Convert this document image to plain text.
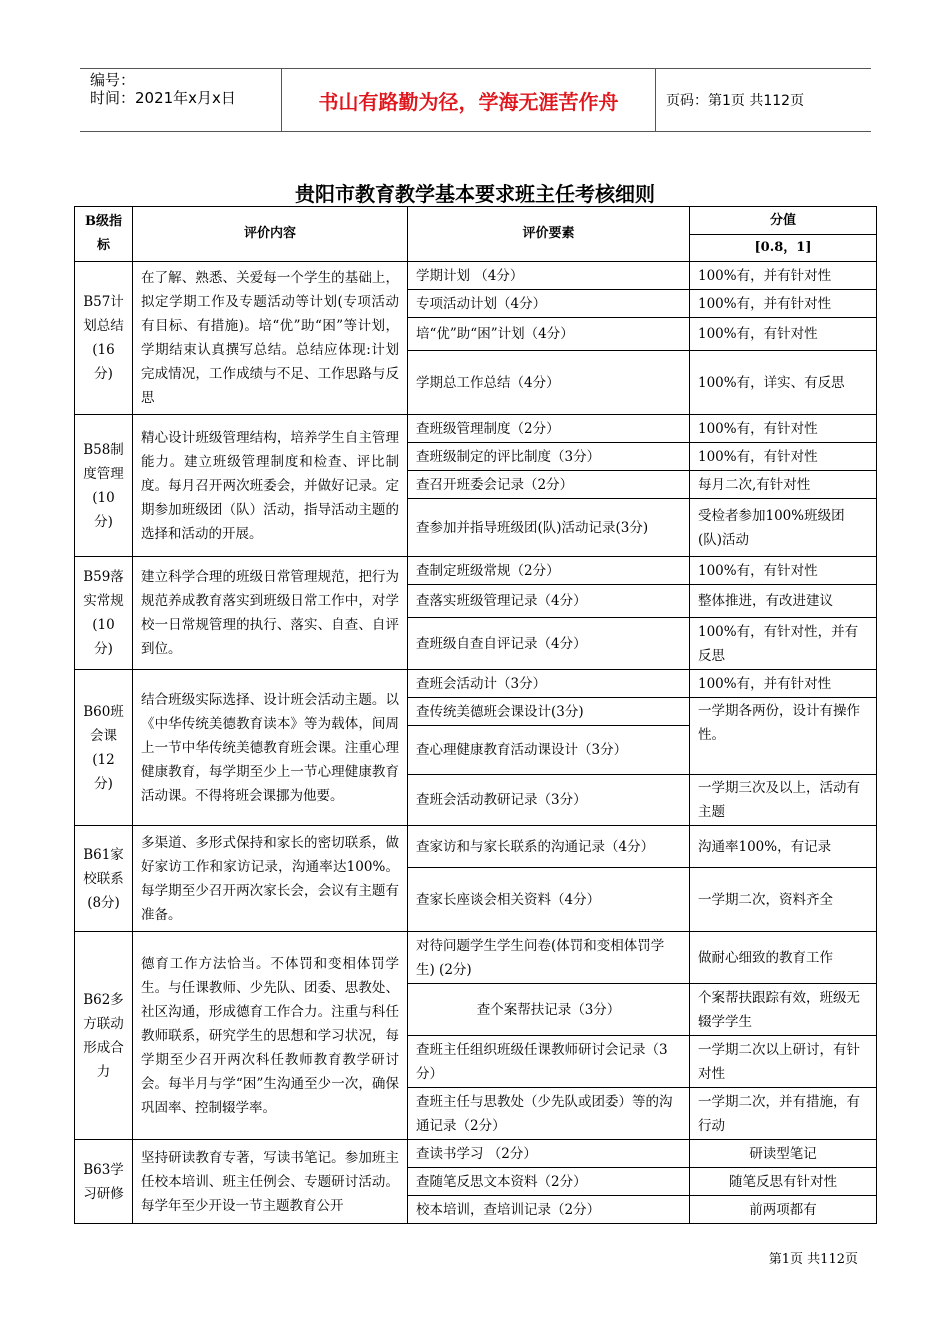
编号：
时间：2021年x月x日	书山有路勤为径，学海无涯苦作舟	页码：第1页 共112页
贵阳市教育教学基本要求班主任考核细则
B级指标	评价内容	评价要素	分值
			[0.8，1]
B57计划总结(16分)	在了解、熟悉、关爱每一个学生的基础上，拟定学期工作及专题活动等计划(专项活动有目标、有措施)。培“优”助“困”等计划，学期结束认真撰写总结。总结应体现:计划完成情况，工作成绩与不足、工作思路与反思	学期计划 （4分）	100%有，并有针对性
		专项活动计划（4分）	100%有，并有针对性
		培“优”助“困”计划（4分）	100%有，有针对性
		学期总工作总结（4分）	100%有，详实、有反思
B58制度管理(10分)	精心设计班级管理结构，培养学生自主管理能力。建立班级管理制度和检查、评比制度。每月召开两次班委会，并做好记录。定期参加班级团（队）活动，指导活动主题的选择和活动的开展。	查班级管理制度（2分）	100%有，有针对性
		查班级制定的评比制度（3分）	100%有，有针对性
		查召开班委会记录（2分）	每月二次,有针对性
		查参加并指导班级团(队)活动记录(3分)	受检者参加100%班级团(队)活动
B59落实常规(10分)	建立科学合理的班级日常管理规范，把行为规范养成教育落实到班级日常工作中，对学校一日常规管理的执行、落实、自查、自评到位。	查制定班级常规（2分）	100%有，有针对性
		查落实班级管理记录（4分）	整体推进，有改进建议
		查班级自查自评记录（4分）	100%有，有针对性，并有反思
B60班会课(12分)	结合班级实际选择、设计班会活动主题。以《中华传统美德教育读本》等为载体，间周上一节中华传统美德教育班会课。注重心理健康教育，每学期至少上一节心理健康教育活动课。不得将班会课挪为他要。	查班会活动计（3分）	100%有，并有针对性
		查传统美德班会课设计(3分)	一学期各两份，设计有操作性。
		查心理健康教育活动课设计（3分）	
		查班会活动教研记录（3分）	一学期三次及以上，活动有主题
B61家校联系(8分)	多渠道、多形式保持和家长的密切联系，做好家访工作和家访记录，沟通率达100%。每学期至少召开两次家长会，会议有主题有准备。	查家访和与家长联系的沟通记录（4分）	沟通率100%，有记录
		查家长座谈会相关资料（4分）	一学期二次，资料齐全
B62多方联动形成合力	德育工作方法恰当。不体罚和变相体罚学生。与任课教师、少先队、团委、思教处、社区沟通，形成德育工作合力。注重与科任教师联系，研究学生的思想和学习状况，每学期至少召开两次科任教师教育教学研讨会。每半月与学“困”生沟通至少一次，确保巩固率、控制辍学率。	对待问题学生学生问卷(体罚和变相体罚学生) (2分)	做耐心细致的教育工作
		查个案帮扶记录（3分）	个案帮扶跟踪有效，班级无辍学学生
		查班主任组织班级任课教师研讨会记录（3分）	一学期二次以上研讨，有针对性
		查班主任与思教处（少先队或团委）等的沟通记录（2分）	一学期二次，并有措施，有行动
B63学习研修	坚持研读教育专著，写读书笔记。参加班主任校本培训、班主任例会、专题研讨活动。每学年至少开设一节主题教育公开	查读书学习 （2分）	研读型笔记
		查随笔反思文本资料（2分）	随笔反思有针对性
		校本培训，查培训记录（2分）	前两项都有
第1页 共112页
